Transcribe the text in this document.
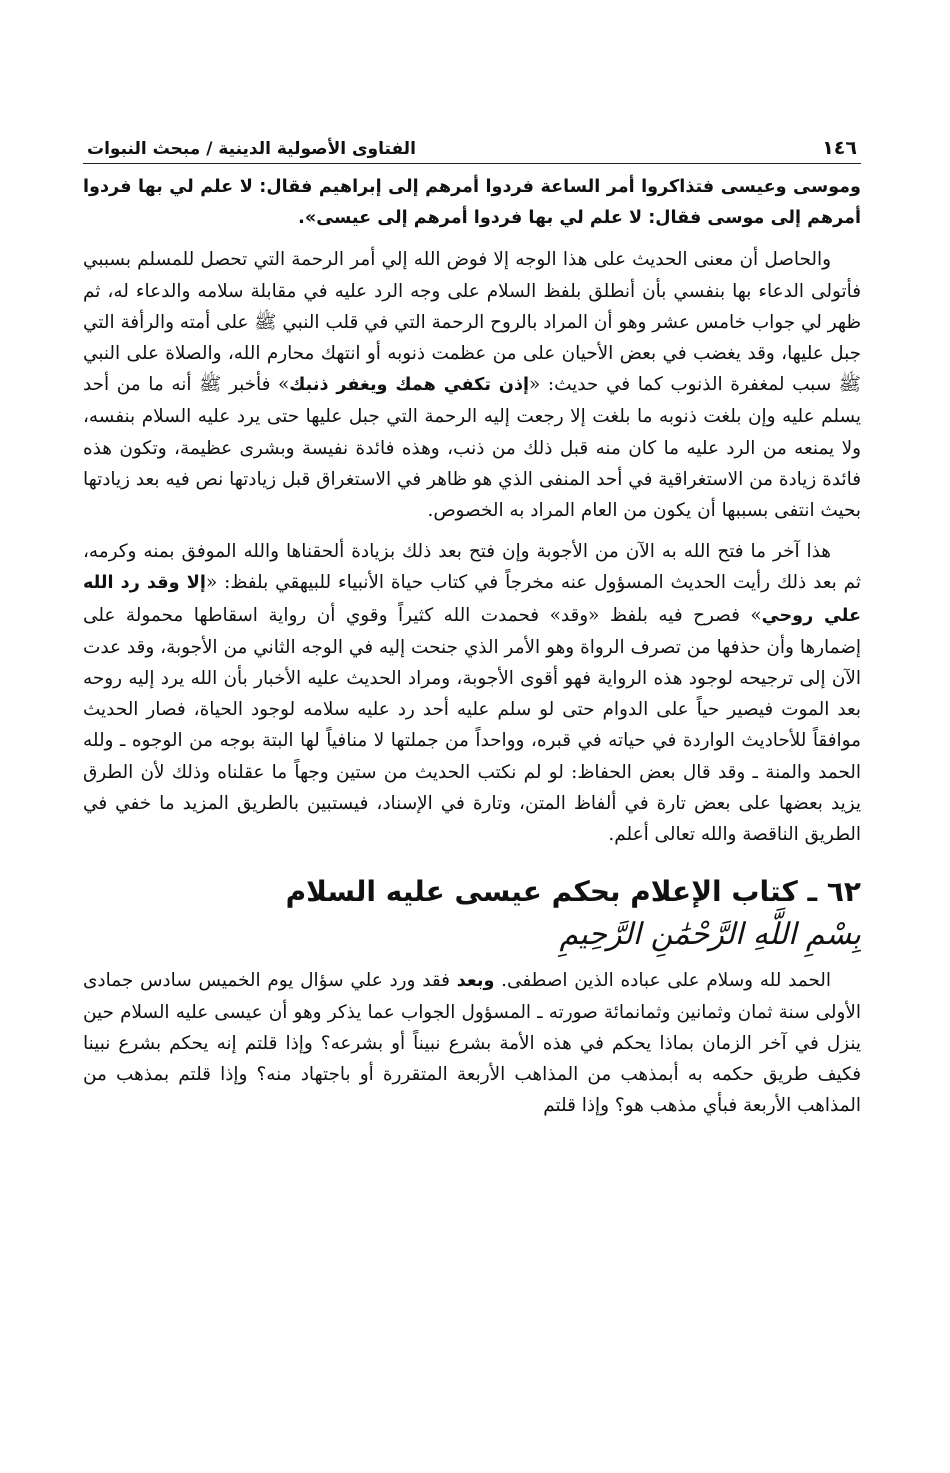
١٤٦
الفتاوى الأصولية الدينية / مبحث النبوات

وموسى وعيسى فتذاكروا أمر الساعة فردوا أمرهم إلى إبراهيم فقال: لا علم لي بها فردوا أمرهم إلى موسى فقال: لا علم لي بها فردوا أمرهم إلى عيسى».

والحاصل أن معنى الحديث على هذا الوجه إلا فوض الله إلي أمر الرحمة التي تحصل للمسلم بسببي فأتولى الدعاء بها بنفسي بأن أنطلق بلفظ السلام على وجه الرد عليه في مقابلة سلامه والدعاء له، ثم ظهر لي جواب خامس عشر وهو أن المراد بالروح الرحمة التي في قلب النبي ﷺ على أمته والرأفة التي جبل عليها، وقد يغضب في بعض الأحيان على من عظمت ذنوبه أو انتهك محارم الله، والصلاة على النبي ﷺ سبب لمغفرة الذنوب كما في حديث: «إذن تكفي همك ويغفر ذنبك» فأخبر ﷺ أنه ما من أحد يسلم عليه وإن بلغت ذنوبه ما بلغت إلا رجعت إليه الرحمة التي جبل عليها حتى يرد عليه السلام بنفسه، ولا يمنعه من الرد عليه ما كان منه قبل ذلك من ذنب، وهذه فائدة نفيسة وبشرى عظيمة، وتكون هذه فائدة زيادة من الاستغراقية في أحد المنفى الذي هو ظاهر في الاستغراق قبل زيادتها نص فيه بعد زيادتها بحيث انتفى بسببها أن يكون من العام المراد به الخصوص.

هذا آخر ما فتح الله به الآن من الأجوبة وإن فتح بعد ذلك بزيادة ألحقناها والله الموفق بمنه وكرمه، ثم بعد ذلك رأيت الحديث المسؤول عنه مخرجاً في كتاب حياة الأنبياء للبيهقي بلفظ: «إلا وقد رد الله علي روحي» فصرح فيه بلفظ «وقد» فحمدت الله كثيراً وقوي أن رواية اسقاطها محمولة على إضمارها وأن حذفها من تصرف الرواة وهو الأمر الذي جنحت إليه في الوجه الثاني من الأجوبة، وقد عدت الآن إلى ترجيحه لوجود هذه الرواية فهو أقوى الأجوبة، ومراد الحديث عليه الأخبار بأن الله يرد إليه روحه بعد الموت فيصير حياً على الدوام حتى لو سلم عليه أحد رد عليه سلامه لوجود الحياة، فصار الحديث موافقاً للأحاديث الواردة في حياته في قبره، وواحداً من جملتها لا منافياً لها البتة بوجه من الوجوه ـ ولله الحمد والمنة ـ وقد قال بعض الحفاظ: لو لم نكتب الحديث من ستين وجهاً ما عقلناه وذلك لأن الطرق يزيد بعضها على بعض تارة في ألفاظ المتن، وتارة في الإسناد، فيستبين بالطريق المزيد ما خفي في الطريق الناقصة والله تعالى أعلم.

٦٢ ـ كتاب الإعلام بحكم عيسى عليه السلام
بِسْمِ اللَّهِ الرَّحْمَٰنِ الرَّحِيمِ

الحمد لله وسلام على عباده الذين اصطفى. وبعد فقد ورد علي سؤال يوم الخميس سادس جمادى الأولى سنة ثمان وثمانين وثمانمائة صورته ـ المسؤول الجواب عما يذكر وهو أن عيسى عليه السلام حين ينزل في آخر الزمان بماذا يحكم في هذه الأمة بشرع نبيناً أو بشرعه؟ وإذا قلتم إنه يحكم بشرع نبينا فكيف طريق حكمه به أبمذهب من المذاهب الأربعة المتقررة أو باجتهاد منه؟ وإذا قلتم بمذهب من المذاهب الأربعة فبأي مذهب هو؟ وإذا قلتم
